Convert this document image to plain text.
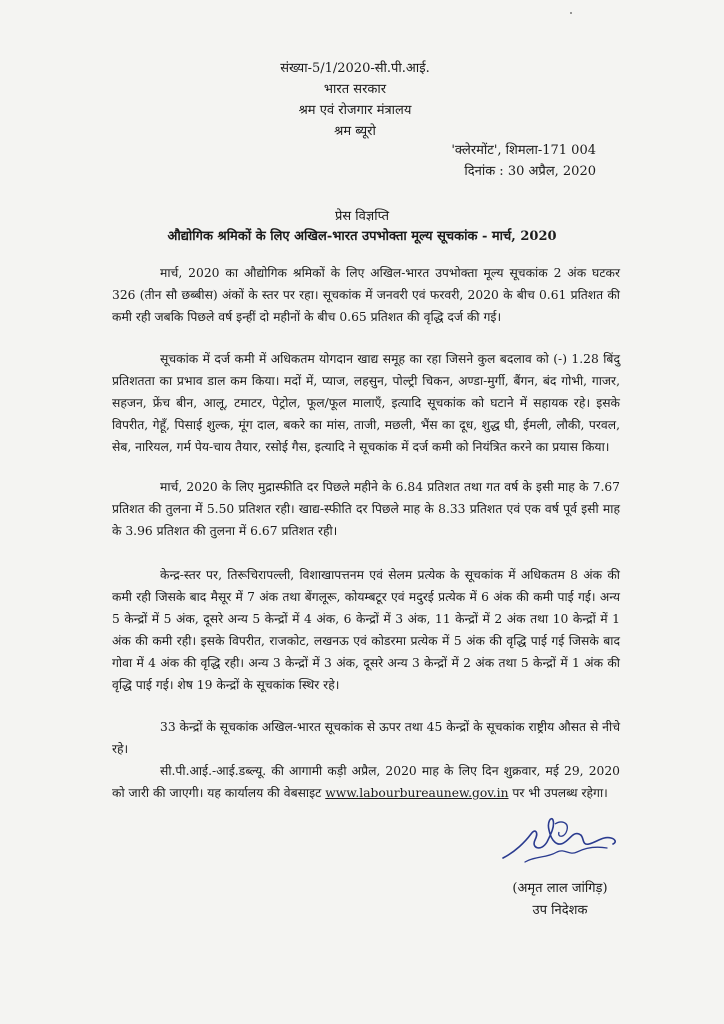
संख्या-5/1/2020-सी.पी.आई.
भारत सरकार
श्रम एवं रोजगार मंत्रालय
श्रम ब्यूरो
'क्लेरमोंट', शिमला-171 004
दिनांक : 30 अप्रैल, 2020
प्रेस विज्ञप्ति
औद्योगिक श्रमिकों के लिए अखिल-भारत उपभोक्ता मूल्य सूचकांक - मार्च, 2020

मार्च, 2020 का औद्योगिक श्रमिकों के लिए अखिल-भारत उपभोक्ता मूल्य सूचकांक 2 अंक घटकर 326 (तीन सौ छब्बीस) अंकों के स्तर पर रहा। सूचकांक में जनवरी एवं फरवरी, 2020 के बीच 0.61 प्रतिशत की कमी रही जबकि पिछले वर्ष इन्हीं दो महीनों के बीच 0.65 प्रतिशत की वृद्धि दर्ज की गई।

सूचकांक में दर्ज कमी में अधिकतम योगदान खाद्य समूह का रहा जिसने कुल बदलाव को (-) 1.28 बिंदु प्रतिशतता का प्रभाव डाल कम किया। मदों में, प्याज, लहसुन, पोल्ट्री चिकन, अण्डा-मुर्गी, बैंगन, बंद गोभी, गाजर, सहजन, फ्रेंच बीन, आलू, टमाटर, पेट्रोल, फूल/फूल मालाएँ, इत्यादि सूचकांक को घटाने में सहायक रहे। इसके विपरीत, गेहूँ, पिसाई शुल्क, मूंग दाल, बकरे का मांस, ताजी, मछली, भैंस का दूध, शुद्ध घी, ईमली, लौकी, परवल, सेब, नारियल, गर्म पेय-चाय तैयार, रसोई गैस, इत्यादि ने सूचकांक में दर्ज कमी को नियंत्रित करने का प्रयास किया।

मार्च, 2020 के लिए मुद्रास्फीति दर पिछले महीने के 6.84 प्रतिशत तथा गत वर्ष के इसी माह के 7.67 प्रतिशत की तुलना में 5.50 प्रतिशत रही। खाद्य-स्फीति दर पिछले माह के 8.33 प्रतिशत एवं एक वर्ष पूर्व इसी माह के 3.96 प्रतिशत की तुलना में 6.67 प्रतिशत रही।

केन्द्र-स्तर पर, तिरूचिरापल्ली, विशाखापत्तनम एवं सेलम प्रत्येक के सूचकांक में अधिकतम 8 अंक की कमी रही जिसके बाद मैसूर में 7 अंक तथा बेंगलूरू, कोयम्बटूर एवं मदुरई प्रत्येक में 6 अंक की कमी पाई गई। अन्य 5 केन्द्रों में 5 अंक, दूसरे अन्य 5 केन्द्रों में 4 अंक, 6 केन्द्रों में 3 अंक, 11 केन्द्रों में 2 अंक तथा 10 केन्द्रों में 1 अंक की कमी रही। इसके विपरीत, राजकोट, लखनऊ एवं कोडरमा प्रत्येक में 5 अंक की वृद्धि पाई गई जिसके बाद गोवा में 4 अंक की वृद्धि रही। अन्य 3 केन्द्रों में 3 अंक, दूसरे अन्य 3 केन्द्रों में 2 अंक तथा 5 केन्द्रों में 1 अंक की वृद्धि पाई गई। शेष 19 केन्द्रों के सूचकांक स्थिर रहे।

33 केन्द्रों के सूचकांक अखिल-भारत सूचकांक से ऊपर तथा 45 केन्द्रों के सूचकांक राष्ट्रीय औसत से नीचे रहे।

सी.पी.आई.-आई.डब्ल्यू. की आगामी कड़ी अप्रैल, 2020 माह के लिए दिन शुक्रवार, मई 29, 2020 को जारी की जाएगी। यह कार्यालय की वेबसाइट www.labourbureaunew.gov.in पर भी उपलब्ध रहेगा।

(अमृत लाल जांगिड़)
उप निदेशक
